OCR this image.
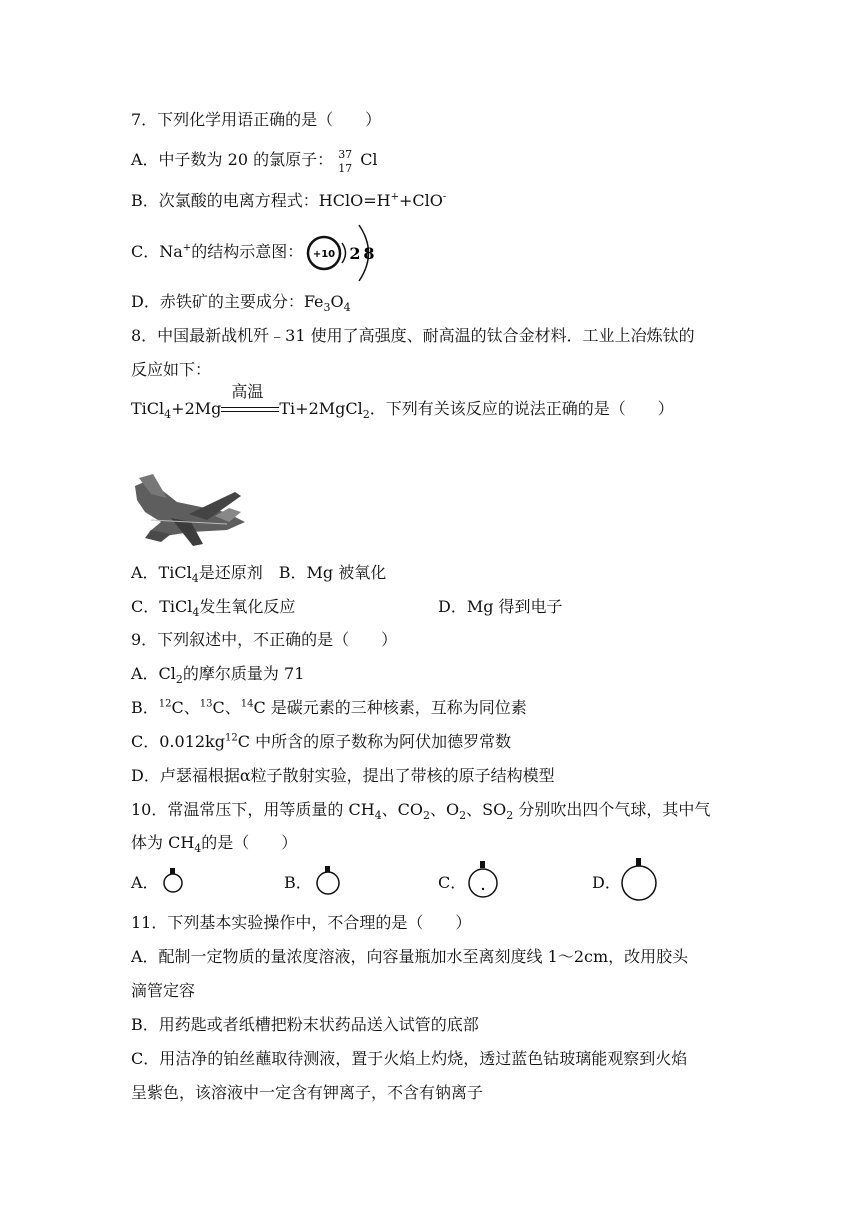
7．下列化学用语正确的是（　　）
A．中子数为 20 的氯原子： 37
17 Cl
B．次氯酸的电离方程式：HClO=H++ClO-
C．Na+的结构示意图： +10 2 8
D．赤铁矿的主要成分：$Fe_3O_4$
8．中国最新战机歼﹣31 使用了高强度、耐高温的钛合金材料．工业上冶炼钛的
反应如下：
TiCl$_4$+2Mg
高温
Ti+2MgCl$_2$．下列有关该反应的说法正确的是（　　）
A．TiCl$_4$是还原剂　B．Mg 被氧化
C．TiCl$_4$发生氧化反应	D．Mg 得到电子
9．下列叙述中，不正确的是（　　）
A．$Cl_2$的摩尔质量为 71
B．$^{12}$C、$^{13}$C、$^{14}$C 是碳元素的三种核素，互称为同位素
C．$0.012kg^{12}C$ 中所含的原子数称为阿伏加德罗常数
D．卢瑟福根据α粒子散射实验，提出了带核的原子结构模型
10．常温常压下，用等质量的 $CH_4$、$CO_2$、$O_2$、$SO_2$ 分别吹出四个气球，其中气
体为 $CH_4$的是（　　）
A．	B．	C．	D．
11．下列基本实验操作中，不合理的是（　　）
A．配制一定物质的量浓度溶液，向容量瓶加水至离刻度线 1～2cm，改用胶头
滴管定容
B．用药匙或者纸槽把粉末状药品送入试管的底部
C．用洁净的铂丝蘸取待测液，置于火焰上灼烧，透过蓝色钴玻璃能观察到火焰
呈紫色，该溶液中一定含有钾离子，不含有钠离子
